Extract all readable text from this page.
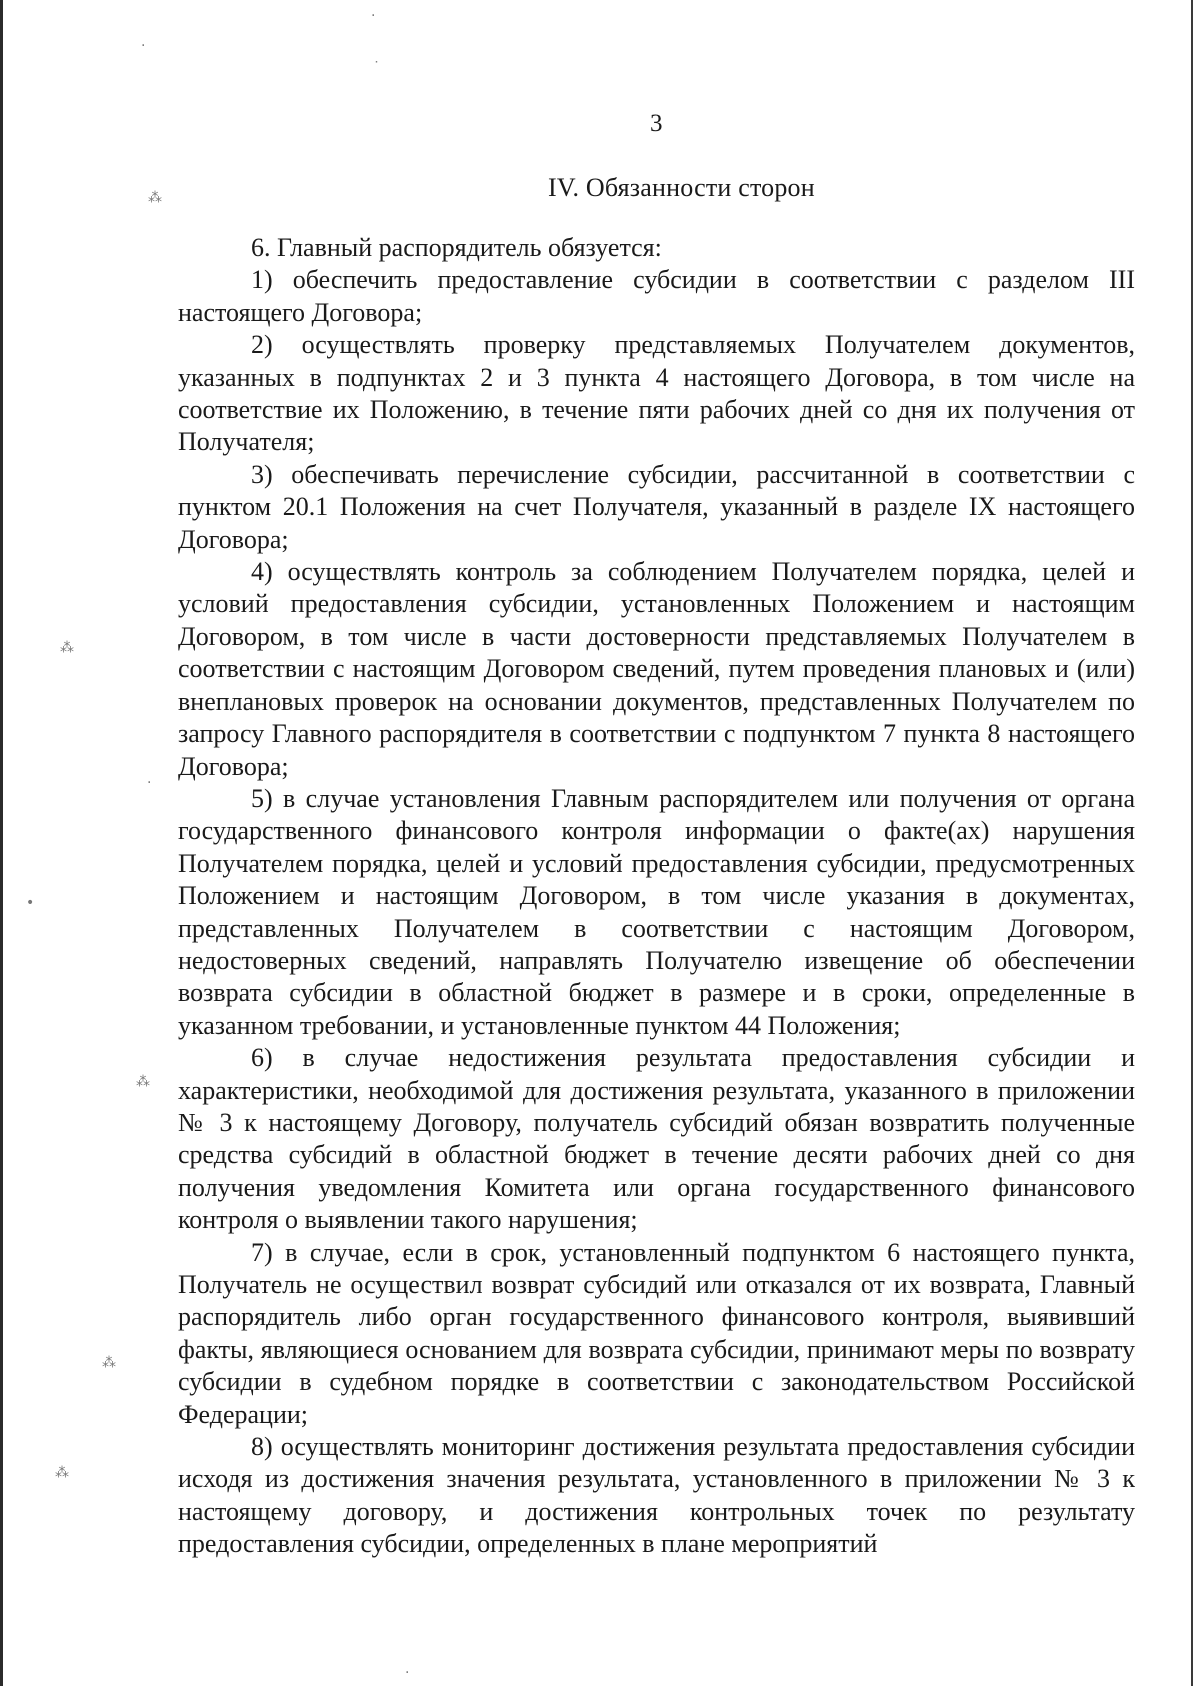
3
IV. Обязанности сторон

6. Главный распорядитель обязуется:

1) обеспечить предоставление субсидии в соответствии с разделом III настоящего Договора;

2) осуществлять проверку представляемых Получателем документов, указанных в подпунктах 2 и 3 пункта 4 настоящего Договора, в том числе на соответствие их Положению, в течение пяти рабочих дней со дня их получения от Получателя;

3) обеспечивать перечисление субсидии, рассчитанной в соответствии с пунктом 20.1 Положения на счет Получателя, указанный в разделе IX настоящего Договора;

4) осуществлять контроль за соблюдением Получателем порядка, целей и условий предоставления субсидии, установленных Положением и настоящим Договором, в том числе в части достоверности представляемых Получателем в соответствии с настоящим Договором сведений, путем проведения плановых и (или) внеплановых проверок на основании документов, представленных Получателем по запросу Главного распорядителя в соответствии с подпунктом 7 пункта 8 настоящего Договора;

5) в случае установления Главным распорядителем или получения от органа государственного финансового контроля информации о факте(ах) нарушения Получателем порядка, целей и условий предоставления субсидии, предусмотренных Положением и настоящим Договором, в том числе указания в документах, представленных Получателем в соответствии с настоящим Договором, недостоверных сведений, направлять Получателю извещение об обеспечении возврата субсидии в областной бюджет в размере и в сроки, определенные в указанном требовании, и установленные пунктом 44 Положения;

6) в случае недостижения результата предоставления субсидии и характеристики, необходимой для достижения результата, указанного в приложении № 3 к настоящему Договору, получатель субсидий обязан возвратить полученные средства субсидий в областной бюджет в течение десяти рабочих дней со дня получения уведомления Комитета или органа государственного финансового контроля о выявлении такого нарушения;

7) в случае, если в срок, установленный подпунктом 6 настоящего пункта, Получатель не осуществил возврат субсидий или отказался от их возврата, Главный распорядитель либо орган государственного финансового контроля, выявивший факты, являющиеся основанием для возврата субсидии, принимают меры по возврату субсидии в судебном порядке в соответствии с законодательством Российской Федерации;

8) осуществлять мониторинг достижения результата предоставления субсидии исходя из достижения значения результата, установленного в приложении № 3 к настоящему договору, и достижения контрольных точек по результату предоставления субсидии, определенных в плане мероприятий

·
·
˙
⁂
⁂
·
•
⁂
⁂
⁂
·
